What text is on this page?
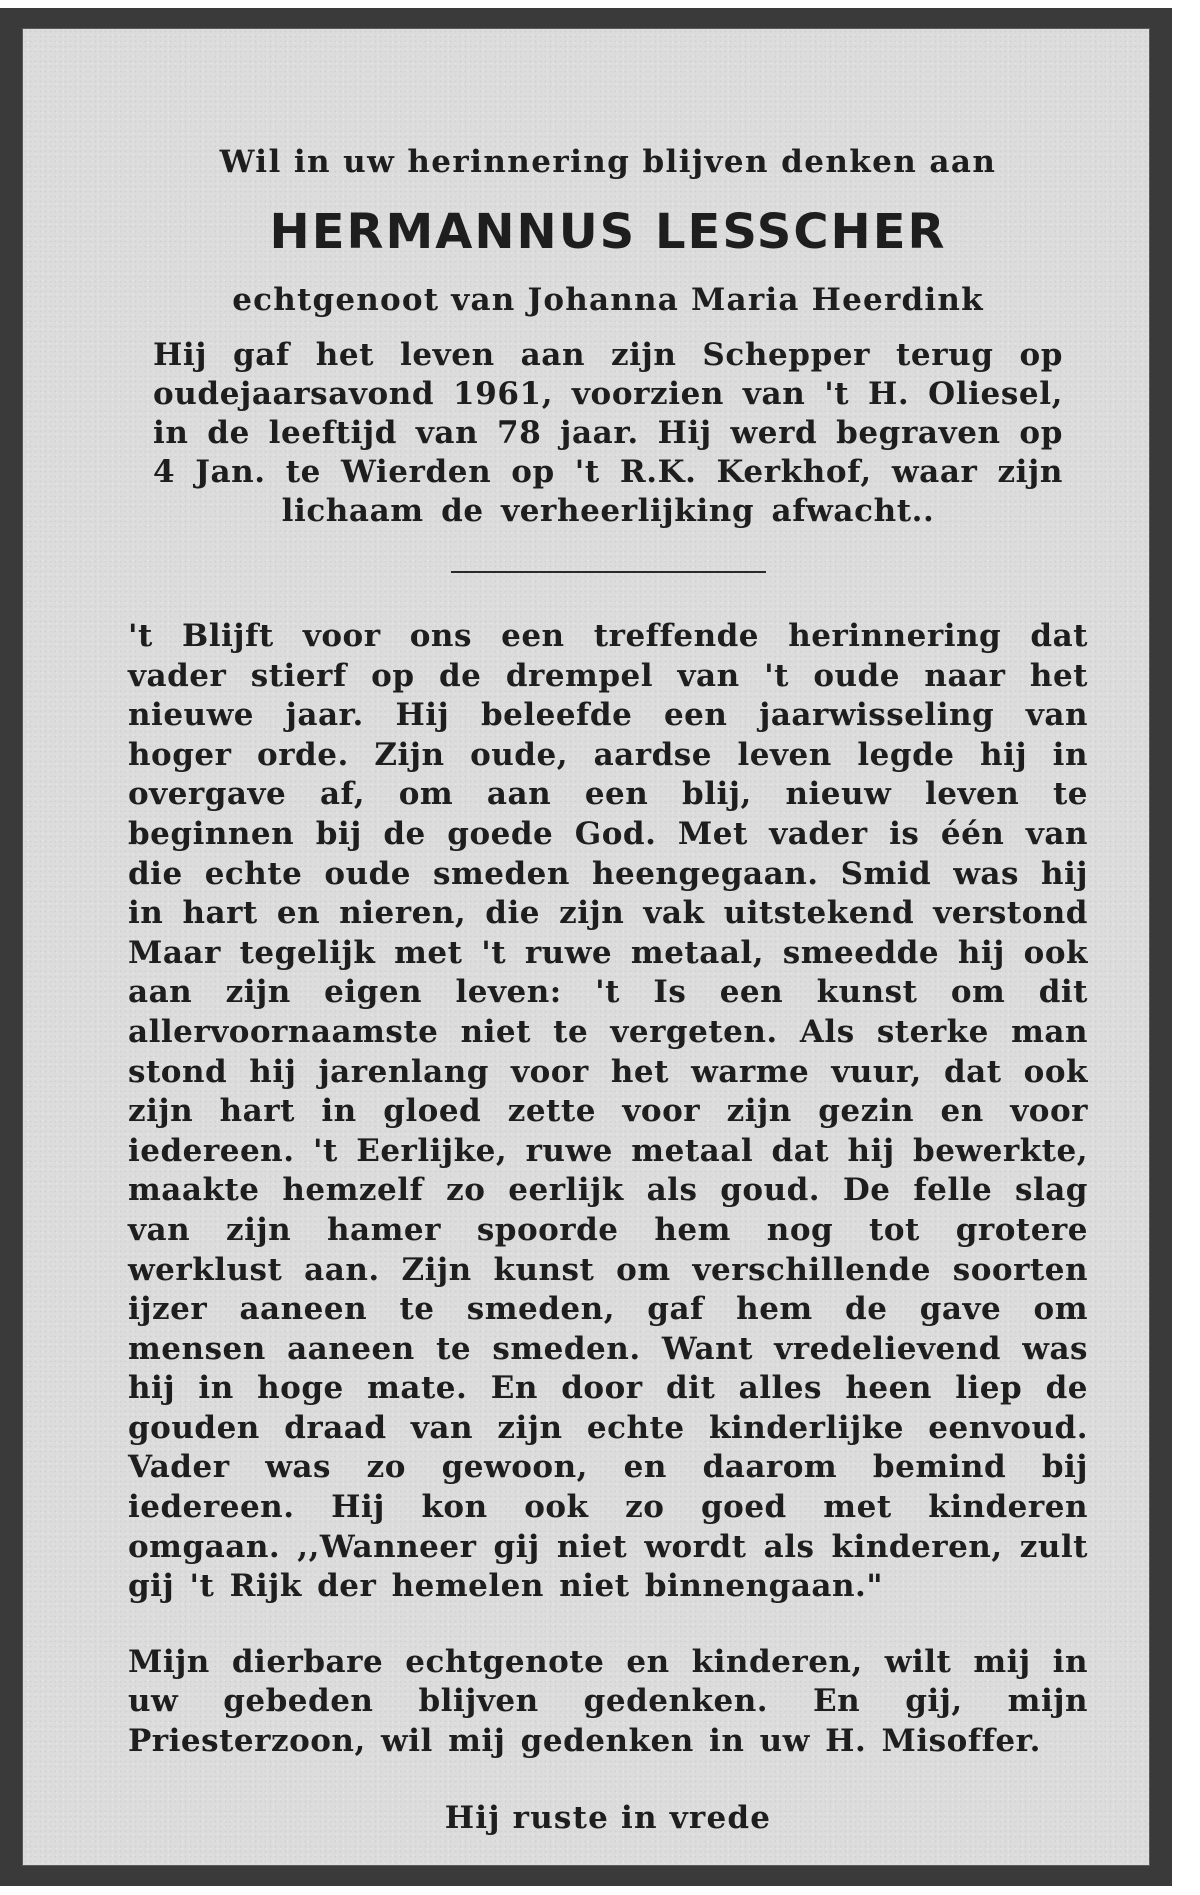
Wil in uw herinnering blijven denken aan

HERMANNUS LESSCHER

echtgenoot van Johanna Maria Heerdink

Hij gaf het leven aan zijn Schepper terug op oudejaarsavond 1961, voorzien van 't H. Oliesel, in de leeftijd van 78 jaar. Hij werd begraven op 4 Jan. te Wierden op 't R.K. Kerkhof, waar zijn lichaam de verheerlijking afwacht..

't Blijft voor ons een treffende herinnering dat vader stierf op de drempel van 't oude naar het nieuwe jaar. Hij beleefde een jaarwisseling van hoger orde. Zijn oude, aardse leven legde hij in overgave af, om aan een blij, nieuw leven te beginnen bij de goede God. Met vader is één van die echte oude smeden heengegaan. Smid was hij in hart en nieren, die zijn vak uitstekend verstond Maar tegelijk met 't ruwe metaal, smeedde hij ook aan zijn eigen leven: 't Is een kunst om dit allervoornaamste niet te vergeten. Als sterke man stond hij jarenlang voor het warme vuur, dat ook zijn hart in gloed zette voor zijn gezin en voor iedereen. 't Eerlijke, ruwe metaal dat hij bewerkte, maakte hemzelf zo eerlijk als goud. De felle slag van zijn hamer spoorde hem nog tot grotere werklust aan. Zijn kunst om verschillende soorten ijzer aaneen te smeden, gaf hem de gave om mensen aaneen te smeden. Want vredelievend was hij in hoge mate. En door dit alles heen liep de gouden draad van zijn echte kinderlijke eenvoud. Vader was zo gewoon, en daarom bemind bij iedereen. Hij kon ook zo goed met kinderen omgaan. ,,Wanneer gij niet wordt als kinderen, zult gij 't Rijk der hemelen niet binnengaan."

Mijn dierbare echtgenote en kinderen, wilt mij in uw gebeden blijven gedenken. En gij, mijn Priesterzoon, wil mij gedenken in uw H. Misoffer.

Hij ruste in vrede
